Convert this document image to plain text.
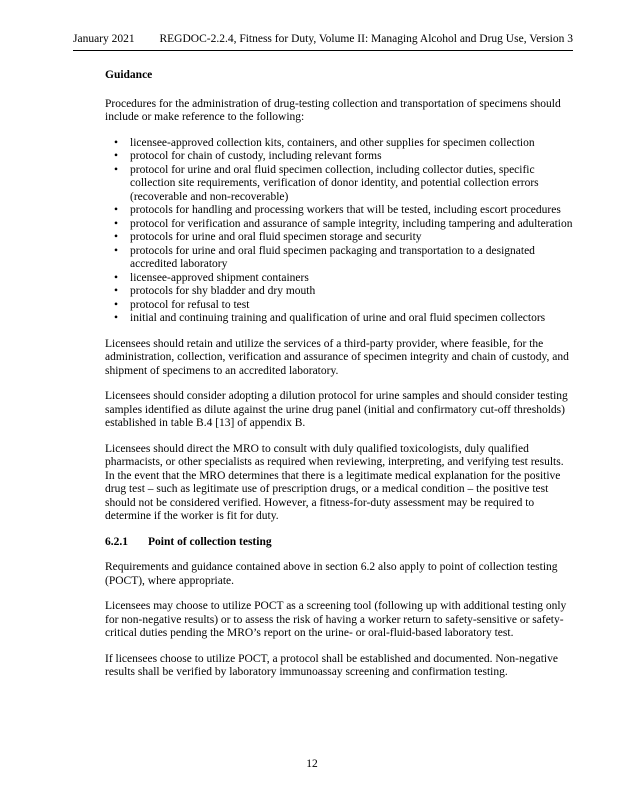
January 2021 REGDOC-2.2.4, Fitness for Duty, Volume II: Managing Alcohol and Drug Use, Version 3
Guidance

Procedures for the administration of drug-testing collection and transportation of specimens should include or make reference to the following:

• licensee-approved collection kits, containers, and other supplies for specimen collection
• protocol for chain of custody, including relevant forms
• protocol for urine and oral fluid specimen collection, including collector duties, specific collection site requirements, verification of donor identity, and potential collection errors (recoverable and non-recoverable)
• protocols for handling and processing workers that will be tested, including escort procedures
• protocol for verification and assurance of sample integrity, including tampering and adulteration
• protocols for urine and oral fluid specimen storage and security
• protocols for urine and oral fluid specimen packaging and transportation to a designated accredited laboratory
• licensee-approved shipment containers
• protocols for shy bladder and dry mouth
• protocol for refusal to test
• initial and continuing training and qualification of urine and oral fluid specimen collectors

Licensees should retain and utilize the services of a third-party provider, where feasible, for the administration, collection, verification and assurance of specimen integrity and chain of custody, and shipment of specimens to an accredited laboratory.

Licensees should consider adopting a dilution protocol for urine samples and should consider testing samples identified as dilute against the urine drug panel (initial and confirmatory cut-off thresholds) established in table B.4 [13] of appendix B.

Licensees should direct the MRO to consult with duly qualified toxicologists, duly qualified pharmacists, or other specialists as required when reviewing, interpreting, and verifying test results. In the event that the MRO determines that there is a legitimate medical explanation for the positive drug test – such as legitimate use of prescription drugs, or a medical condition – the positive test should not be considered verified. However, a fitness-for-duty assessment may be required to determine if the worker is fit for duty.

6.2.1	Point of collection testing

Requirements and guidance contained above in section 6.2 also apply to point of collection testing (POCT), where appropriate.

Licensees may choose to utilize POCT as a screening tool (following up with additional testing only for non-negative results) or to assess the risk of having a worker return to safety-sensitive or safety-critical duties pending the MRO’s report on the urine- or oral-fluid-based laboratory test.

If licensees choose to utilize POCT, a protocol shall be established and documented. Non-negative results shall be verified by laboratory immunoassay screening and confirmation testing.

12
